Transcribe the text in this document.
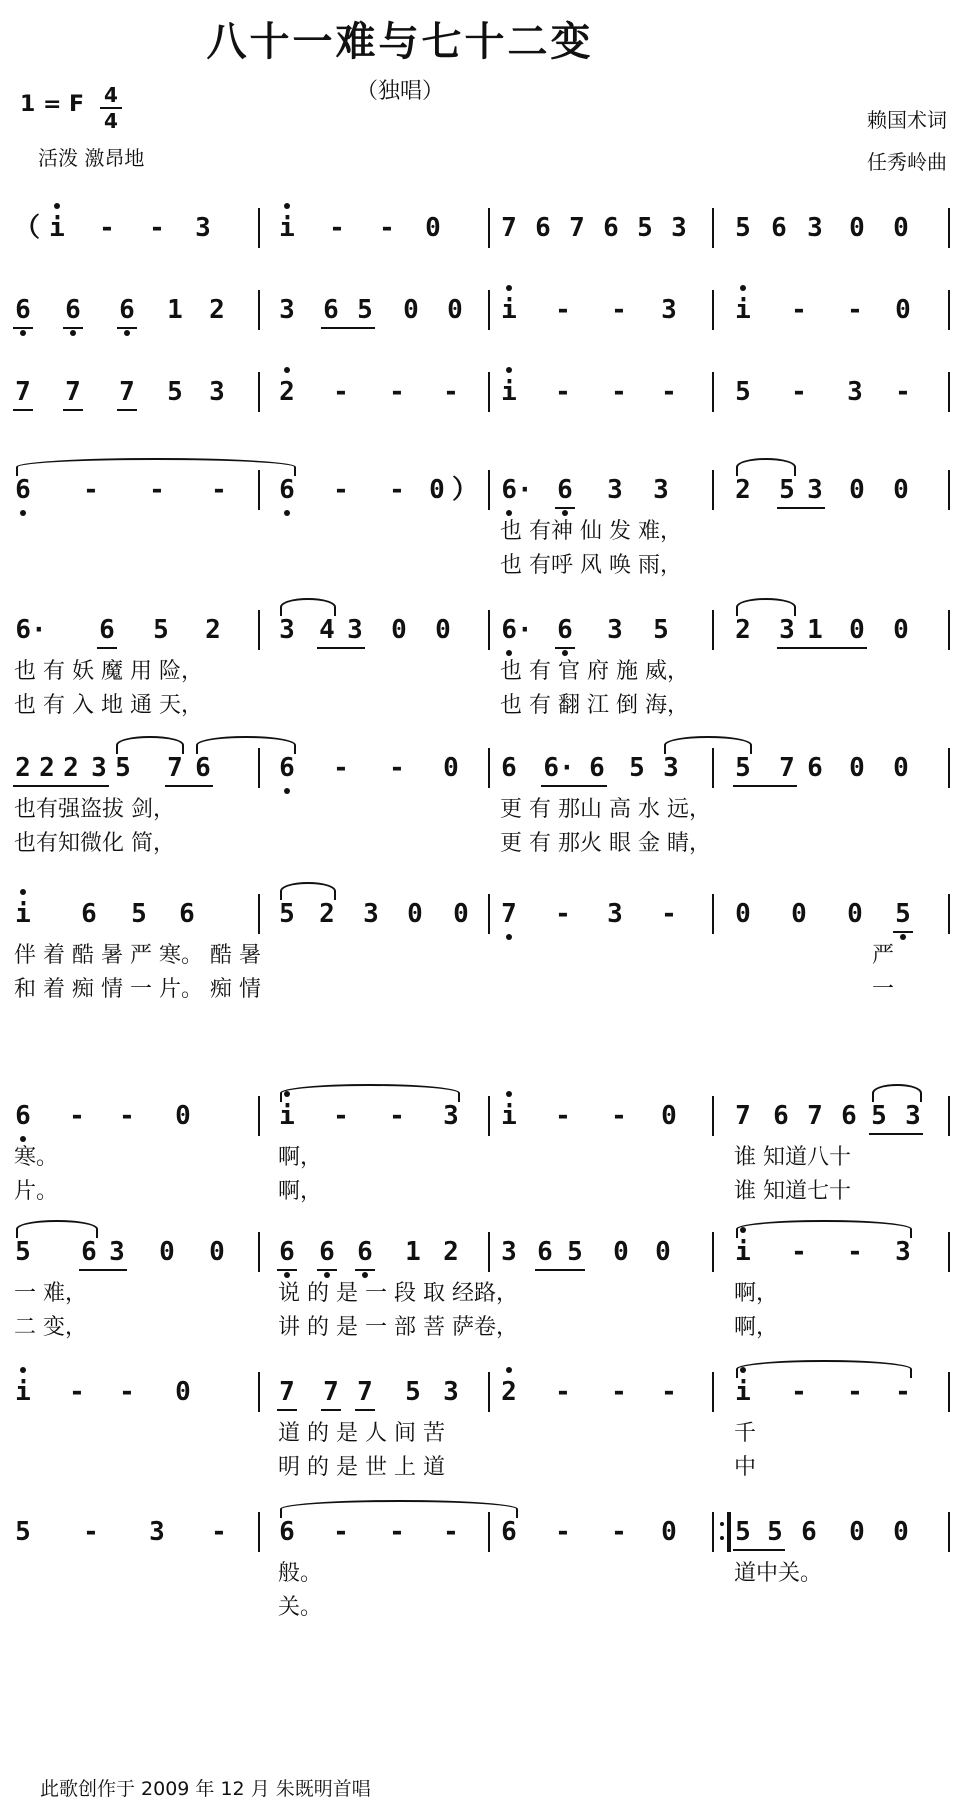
八十一难与七十二变
（独唱）
1 = F 4
4
活泼 激昂地
赖国术词
任秀岭曲
（ i - - 3	i - - 0 7 6 7 6 5 3 5 6 3 0 0
6 6 6 1 2 3 6 5 0 0 i - - 3 i - - 0
7 7 7 5 3 2 - - - i - - - 5 - 3 -
6 - - - 6 - - 0 ） 6· 6 3 3	2 5 3 0 0
也 有神 仙 发 难，
也 有呼 风 唤 雨，
6· 6 5 2 3 4 3 0 0 6· 6 3 5	2 3 1 0 0
也 有 妖 魔 用 险，	也 有 官 府 施 威，
也 有 入 地 通 天，	也 有 翻 江 倒 海，
2 2 2 3 5 7 6	6 - - 0 6 6· 6 5 3 5 7 6 0 0
也有强盗拔 剑，	更 有 那山 高 水 远，
也有知微化 简，	更 有 那火 眼 金 睛，
i 6 5 6	5 2 3 0 0 7 - 3 - 0 0 0 5
伴 着 酷 暑 严 寒。 酷 暑	严
和 着 痴 情 一 片。 痴 情	一
6 - - 0	i - - 3 i - - 0 7 6 7 6 5 3
寒。	啊，	谁 知道八十
片。	啊，	谁 知道七十
5 6 3 0 0 6 6 6 1 2 3 6 5 0 0 i - - 3
一 难，	说 的 是 一 段 取 经路，	啊，
二 变，	讲 的 是 一 部 菩 萨卷，	啊，
i - - 0	7 7 7 5 3 2 - - - i - - -
道 的 是 人 间 苦	千
明 的 是 世 上 道	中
5 - 3 - 6 - - - 6 - - 0 5 5 6 0 0
般。	道中关。
关。
此歌创作于 2009 年 12 月 朱既明首唱
